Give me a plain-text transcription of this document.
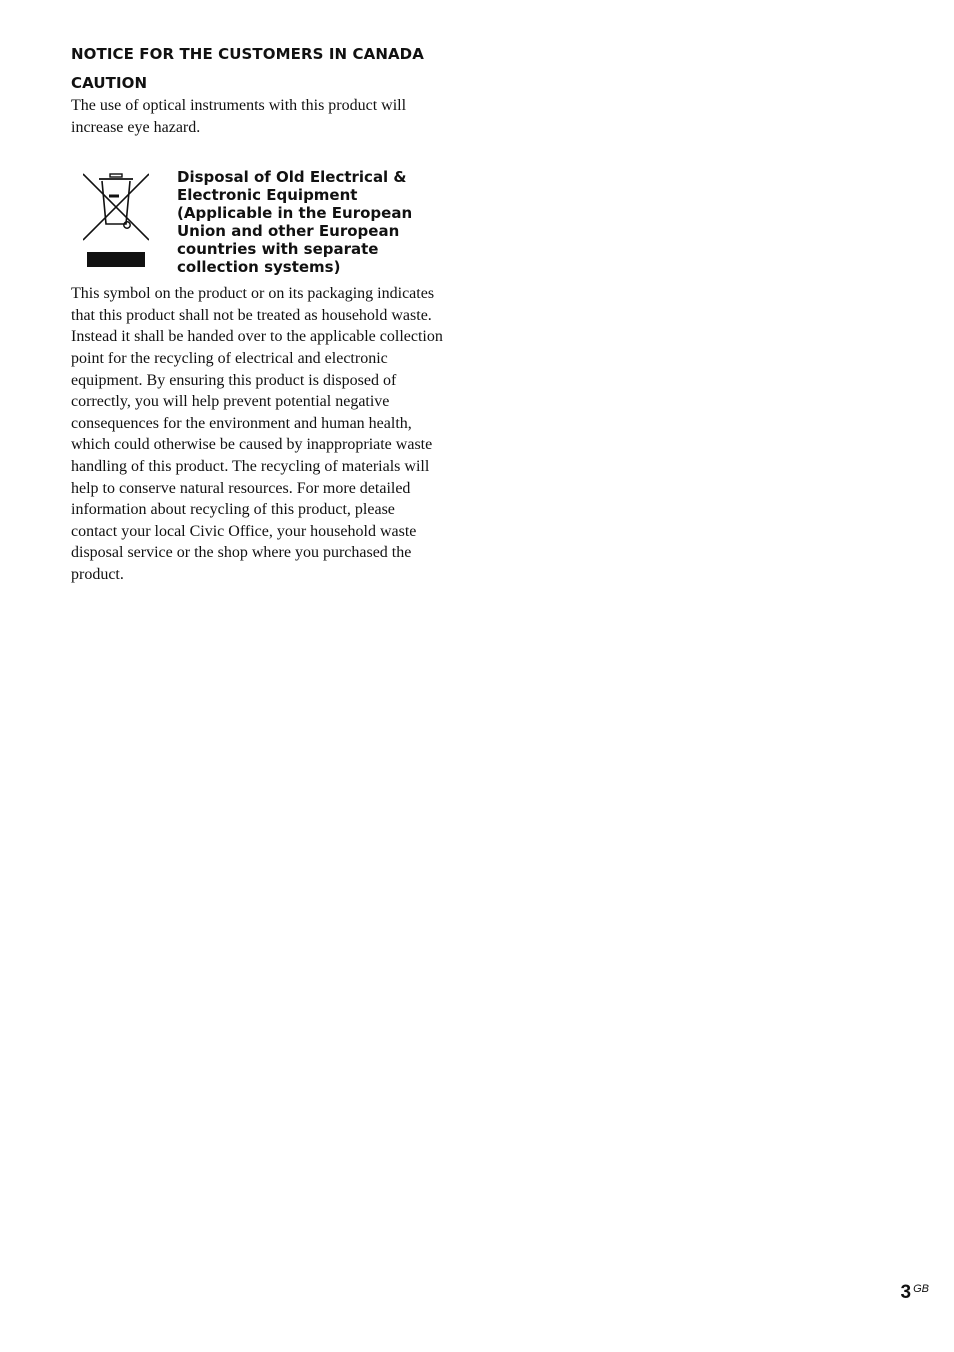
NOTICE FOR THE CUSTOMERS IN CANADA
CAUTION

The use of optical instruments with this product will increase eye hazard.

Disposal of Old Electrical & Electronic Equipment (Applicable in the European Union and other European countries with separate collection systems)

This symbol on the product or on its packaging indicates that this product shall not be treated as household waste. Instead it shall be handed over to the applicable collection point for the recycling of electrical and electronic equipment. By ensuring this product is disposed of correctly, you will help prevent potential negative consequences for the environment and human health, which could otherwise be caused by inappropriate waste handling of this product. The recycling of materials will help to conserve natural resources. For more detailed information about recycling of this product, please contact your local Civic Office, your household waste disposal service or the shop where you purchased the product.

3 $^{GB}$
